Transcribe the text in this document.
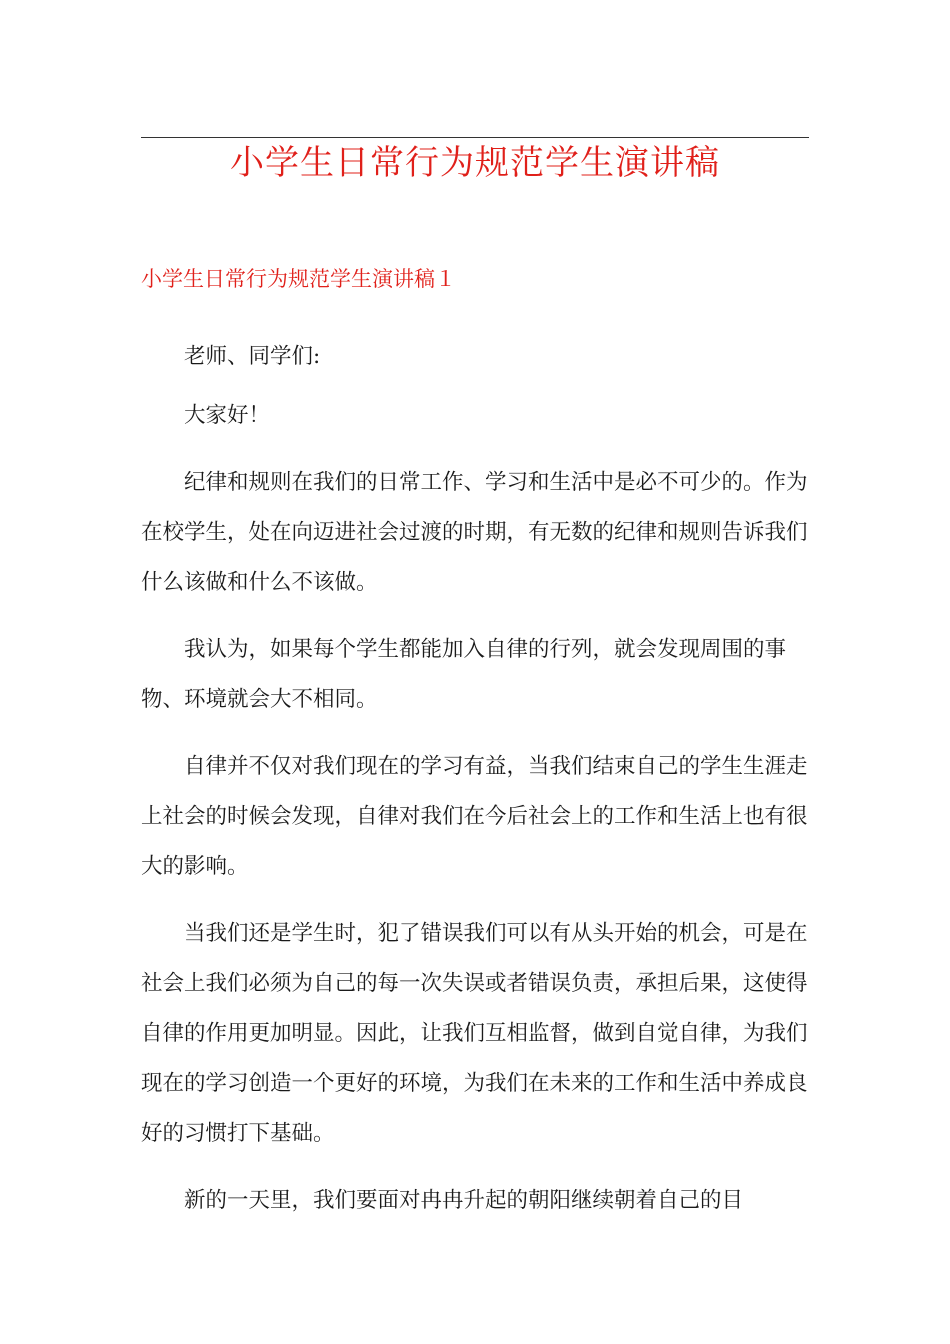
小学生日常行为规范学生演讲稿
小学生日常行为规范学生演讲稿１

老师、同学们:

大家好！

纪律和规则在我们的日常工作、学习和生活中是必不可少的。作为在校学生，处在向迈进社会过渡的时期，有无数的纪律和规则告诉我们什么该做和什么不该做。

我认为，如果每个学生都能加入自律的行列，就会发现周围的事物、环境就会大不相同。

自律并不仅对我们现在的学习有益，当我们结束自己的学生生涯走上社会的时候会发现，自律对我们在今后社会上的工作和生活上也有很大的影响。

当我们还是学生时，犯了错误我们可以有从头开始的机会，可是在社会上我们必须为自己的每一次失误或者错误负责，承担后果，这使得自律的作用更加明显。因此，让我们互相监督，做到自觉自律，为我们现在的学习创造一个更好的环境，为我们在未来的工作和生活中养成良好的习惯打下基础。

新的一天里，我们要面对冉冉升起的朝阳继续朝着自己的目
